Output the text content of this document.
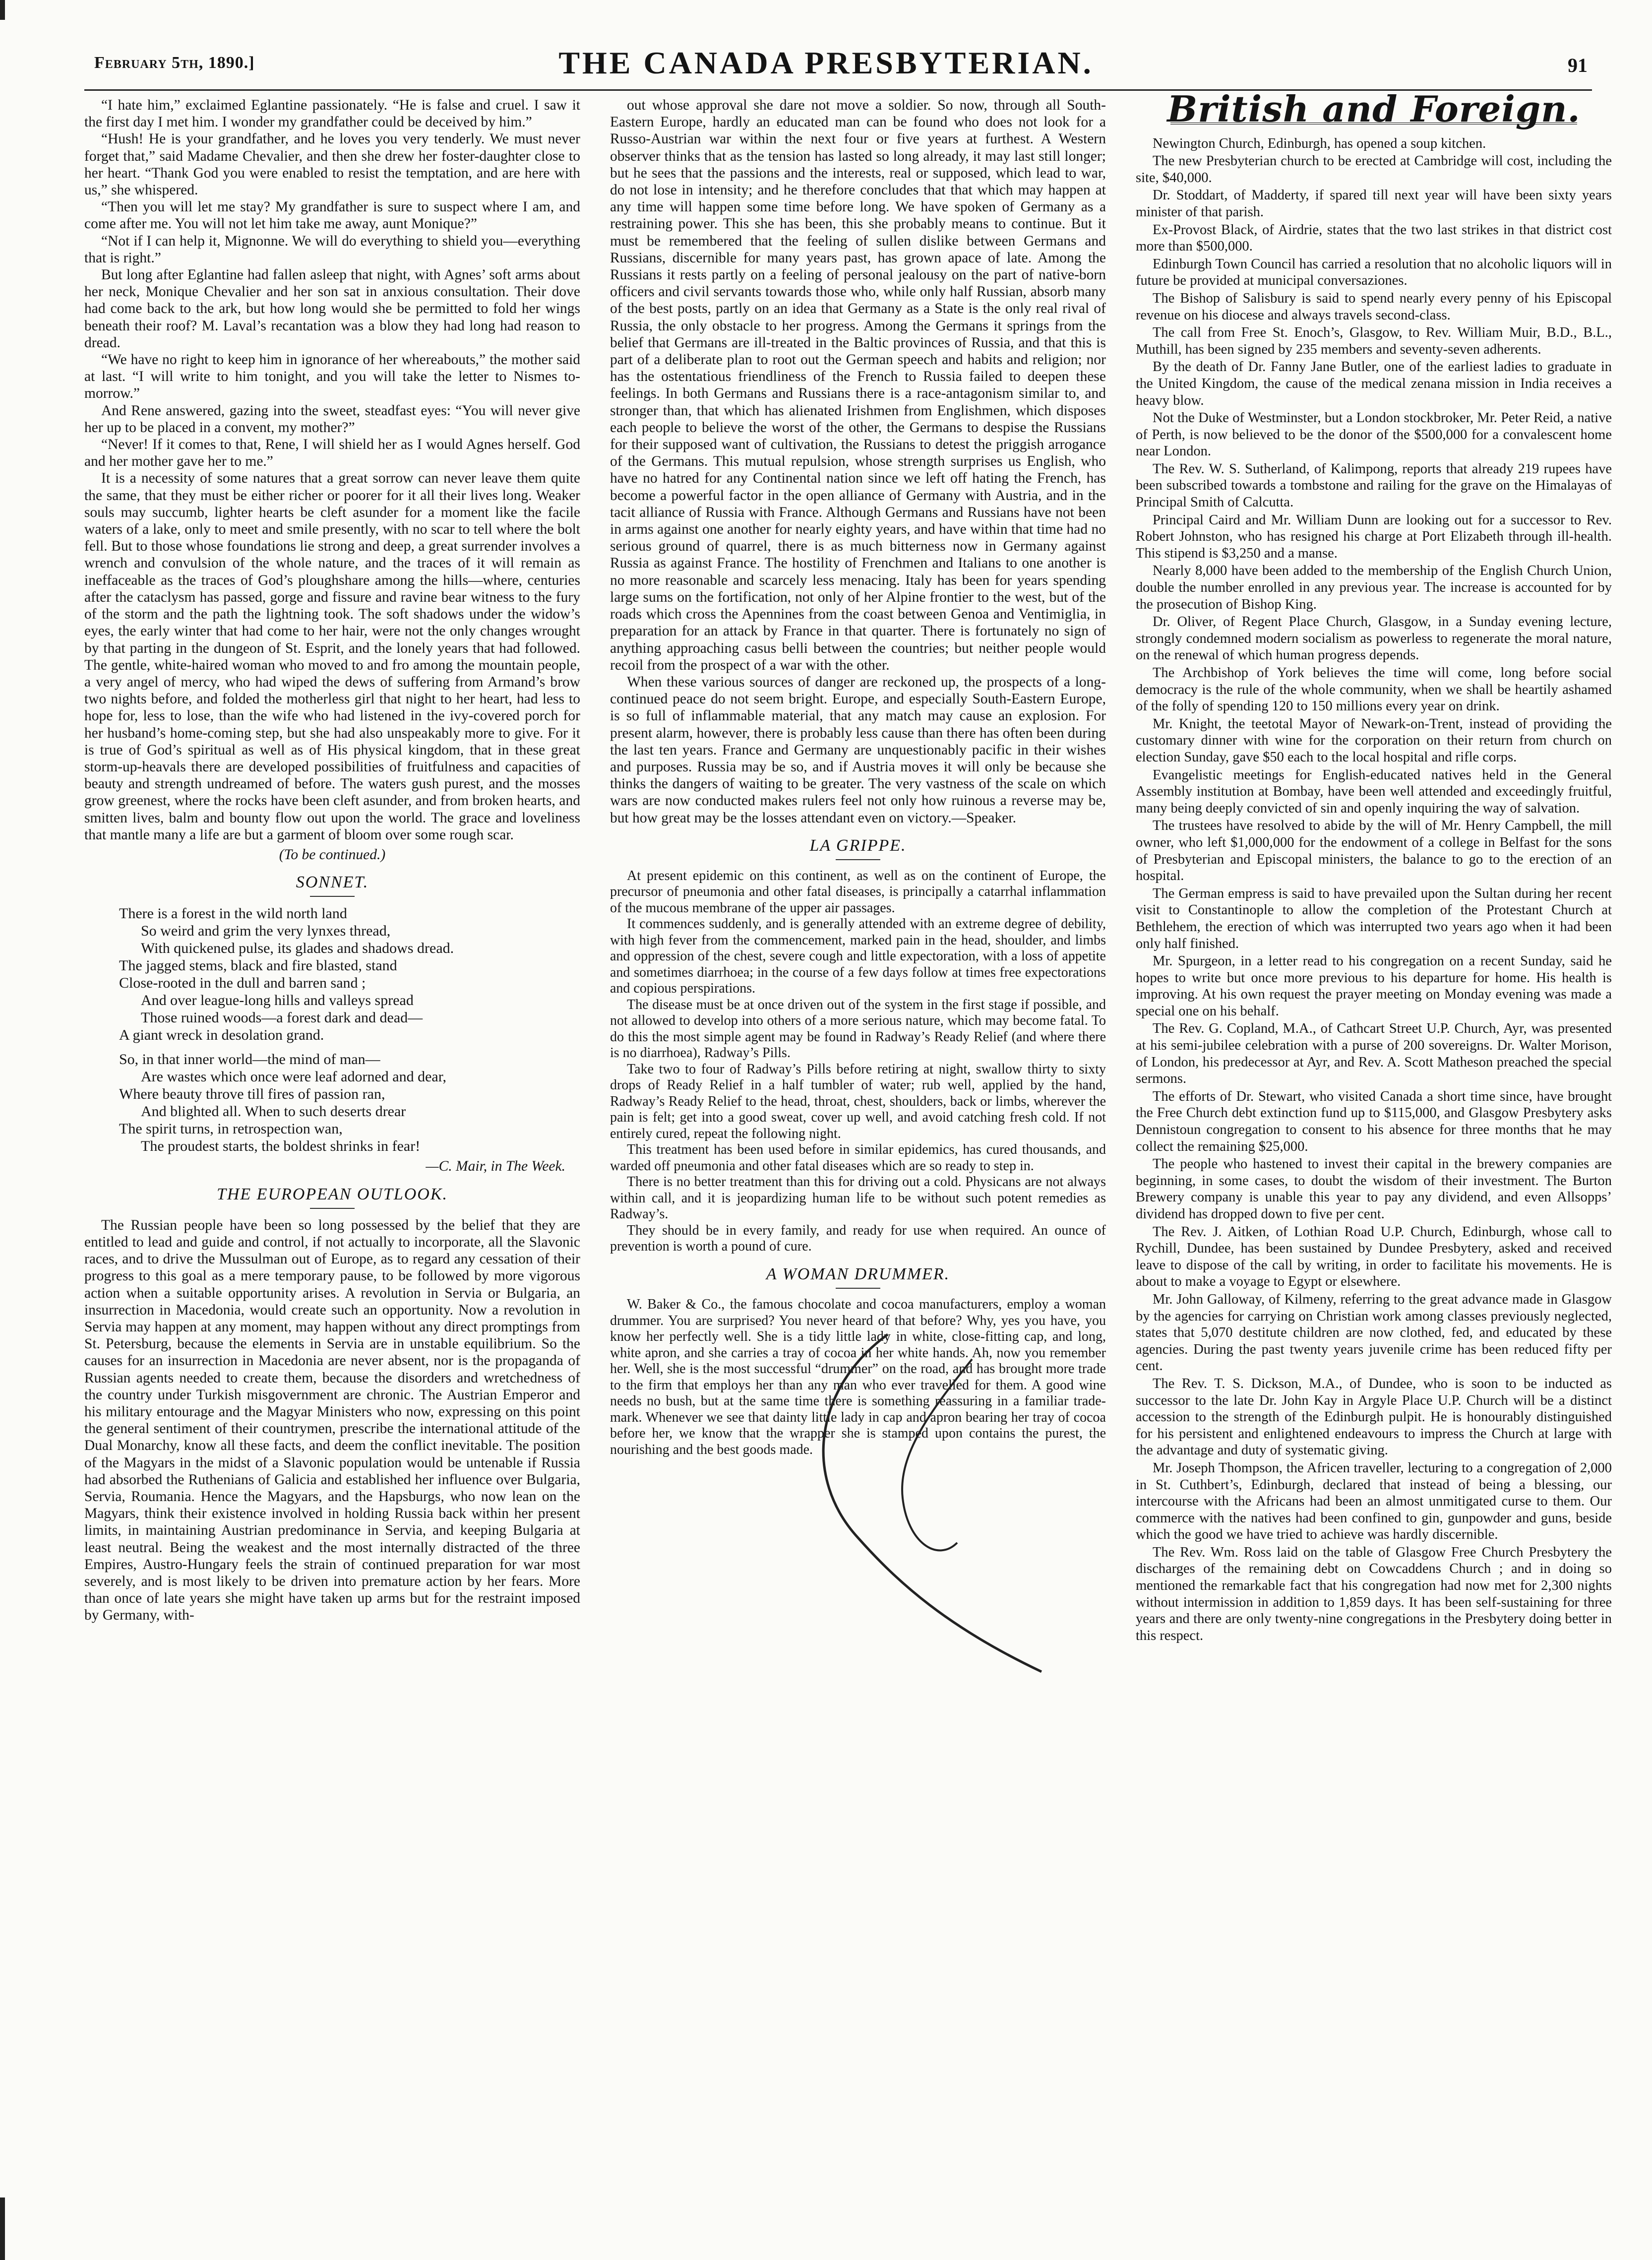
February 5th, 1890.]	THE CANADA PRESBYTERIAN.	91

“I hate him,” exclaimed Eglantine passionately. “He is false and cruel. I saw it the first day I met him. I wonder my grandfather could be deceived by him.”

“Hush! He is your grandfather, and he loves you very tenderly. We must never forget that,” said Madame Chevalier, and then she drew her foster-daughter close to her heart. “Thank God you were enabled to resist the temptation, and are here with us,” she whispered.

“Then you will let me stay? My grandfather is sure to suspect where I am, and come after me. You will not let him take me away, aunt Monique?”

“Not if I can help it, Mignonne. We will do everything to shield you—everything that is right.”

But long after Eglantine had fallen asleep that night, with Agnes’ soft arms about her neck, Monique Chevalier and her son sat in anxious consultation. Their dove had come back to the ark, but how long would she be permitted to fold her wings beneath their roof? M. Laval’s recantation was a blow they had long had reason to dread.

“We have no right to keep him in ignorance of her whereabouts,” the mother said at last. “I will write to him tonight, and you will take the letter to Nismes to-morrow.”

And Rene answered, gazing into the sweet, steadfast eyes: “You will never give her up to be placed in a convent, my mother?”

“Never! If it comes to that, Rene, I will shield her as I would Agnes herself. God and her mother gave her to me.”

It is a necessity of some natures that a great sorrow can never leave them quite the same, that they must be either richer or poorer for it all their lives long. Weaker souls may succumb, lighter hearts be cleft asunder for a moment like the facile waters of a lake, only to meet and smile presently, with no scar to tell where the bolt fell. But to those whose foundations lie strong and deep, a great surrender involves a wrench and convulsion of the whole nature, and the traces of it will remain as ineffaceable as the traces of God’s ploughshare among the hills—where, centuries after the cataclysm has passed, gorge and fissure and ravine bear witness to the fury of the storm and the path the lightning took. The soft shadows under the widow’s eyes, the early winter that had come to her hair, were not the only changes wrought by that parting in the dungeon of St. Esprit, and the lonely years that had followed. The gentle, white-haired woman who moved to and fro among the mountain people, a very angel of mercy, who had wiped the dews of suffering from Armand’s brow two nights before, and folded the motherless girl that night to her heart, had less to hope for, less to lose, than the wife who had listened in the ivy-covered porch for her husband’s home-coming step, but she had also unspeakably more to give. For it is true of God’s spiritual as well as of His physical kingdom, that in these great storm-up-heavals there are developed possibilities of fruitfulness and capacities of beauty and strength undreamed of before. The waters gush purest, and the mosses grow greenest, where the rocks have been cleft asunder, and from broken hearts, and smitten lives, balm and bounty flow out upon the world. The grace and loveliness that mantle many a life are but a garment of bloom over some rough scar.

(To be continued.)
SONNET.
There is a forest in the wild north land
So weird and grim the very lynxes thread,
With quickened pulse, its glades and shadows dread.
The jagged stems, black and fire blasted, stand
Close-rooted in the dull and barren sand ;
And over league-long hills and valleys spread
Those ruined woods—a forest dark and dead—
A giant wreck in desolation grand.
So, in that inner world—the mind of man—
Are wastes which once were leaf adorned and dear,
Where beauty throve till fires of passion ran,
And blighted all. When to such deserts drear
The spirit turns, in retrospection wan,
The proudest starts, the boldest shrinks in fear!
—C. Mair, in The Week.
THE EUROPEAN OUTLOOK.

The Russian people have been so long possessed by the belief that they are entitled to lead and guide and control, if not actually to incorporate, all the Slavonic races, and to drive the Mussulman out of Europe, as to regard any cessation of their progress to this goal as a mere temporary pause, to be followed by more vigorous action when a suitable opportunity arises. A revolution in Servia or Bulgaria, an insurrection in Macedonia, would create such an opportunity. Now a revolution in Servia may happen at any moment, may happen without any direct promptings from St. Petersburg, because the elements in Servia are in unstable equilibrium. So the causes for an insurrection in Macedonia are never absent, nor is the propaganda of Russian agents needed to create them, because the disorders and wretchedness of the country under Turkish misgovernment are chronic. The Austrian Emperor and his military entourage and the Magyar Ministers who now, expressing on this point the general sentiment of their countrymen, prescribe the international attitude of the Dual Monarchy, know all these facts, and deem the conflict inevitable. The position of the Magyars in the midst of a Slavonic population would be untenable if Russia had absorbed the Ruthenians of Galicia and established her influence over Bulgaria, Servia, Roumania. Hence the Magyars, and the Hapsburgs, who now lean on the Magyars, think their existence involved in holding Russia back within her present limits, in maintaining Austrian predominance in Servia, and keeping Bulgaria at least neutral. Being the weakest and the most internally distracted of the three Empires, Austro-Hungary feels the strain of continued preparation for war most severely, and is most likely to be driven into premature action by her fears. More than once of late years she might have taken up arms but for the restraint imposed by Germany, with-

out whose approval she dare not move a soldier. So now, through all South-Eastern Europe, hardly an educated man can be found who does not look for a Russo-Austrian war within the next four or five years at furthest. A Western observer thinks that as the tension has lasted so long already, it may last still longer; but he sees that the passions and the interests, real or supposed, which lead to war, do not lose in intensity; and he therefore concludes that that which may happen at any time will happen some time before long. We have spoken of Germany as a restraining power. This she has been, this she probably means to continue. But it must be remembered that the feeling of sullen dislike between Germans and Russians, discernible for many years past, has grown apace of late. Among the Russians it rests partly on a feeling of personal jealousy on the part of native-born officers and civil servants towards those who, while only half Russian, absorb many of the best posts, partly on an idea that Germany as a State is the only real rival of Russia, the only obstacle to her progress. Among the Germans it springs from the belief that Germans are ill-treated in the Baltic provinces of Russia, and that this is part of a deliberate plan to root out the German speech and habits and religion; nor has the ostentatious friendliness of the French to Russia failed to deepen these feelings. In both Germans and Russians there is a race-antagonism similar to, and stronger than, that which has alienated Irishmen from Englishmen, which disposes each people to believe the worst of the other, the Germans to despise the Russians for their supposed want of cultivation, the Russians to detest the priggish arrogance of the Germans. This mutual repulsion, whose strength surprises us English, who have no hatred for any Continental nation since we left off hating the French, has become a powerful factor in the open alliance of Germany with Austria, and in the tacit alliance of Russia with France. Although Germans and Russians have not been in arms against one another for nearly eighty years, and have within that time had no serious ground of quarrel, there is as much bitterness now in Germany against Russia as against France. The hostility of Frenchmen and Italians to one another is no more reasonable and scarcely less menacing. Italy has been for years spending large sums on the fortification, not only of her Alpine frontier to the west, but of the roads which cross the Apennines from the coast between Genoa and Ventimiglia, in preparation for an attack by France in that quarter. There is fortunately no sign of anything approaching casus belli between the countries; but neither people would recoil from the prospect of a war with the other.

When these various sources of danger are reckoned up, the prospects of a long-continued peace do not seem bright. Europe, and especially South-Eastern Europe, is so full of inflammable material, that any match may cause an explosion. For present alarm, however, there is probably less cause than there has often been during the last ten years. France and Germany are unquestionably pacific in their wishes and purposes. Russia may be so, and if Austria moves it will only be because she thinks the dangers of waiting to be greater. The very vastness of the scale on which wars are now conducted makes rulers feel not only how ruinous a reverse may be, but how great may be the losses attendant even on victory.—Speaker.

LA GRIPPE.

At present epidemic on this continent, as well as on the continent of Europe, the precursor of pneumonia and other fatal diseases, is principally a catarrhal inflammation of the mucous membrane of the upper air passages.

It commences suddenly, and is generally attended with an extreme degree of debility, with high fever from the commencement, marked pain in the head, shoulder, and limbs and oppression of the chest, severe cough and little expectoration, with a loss of appetite and sometimes diarrhoea; in the course of a few days follow at times free expectorations and copious perspirations.

The disease must be at once driven out of the system in the first stage if possible, and not allowed to develop into others of a more serious nature, which may become fatal. To do this the most simple agent may be found in Radway’s Ready Relief (and where there is no diarrhoea), Radway’s Pills.

Take two to four of Radway’s Pills before retiring at night, swallow thirty to sixty drops of Ready Relief in a half tumbler of water; rub well, applied by the hand, Radway’s Ready Relief to the head, throat, chest, shoulders, back or limbs, wherever the pain is felt; get into a good sweat, cover up well, and avoid catching fresh cold. If not entirely cured, repeat the following night.

This treatment has been used before in similar epidemics, has cured thousands, and warded off pneumonia and other fatal diseases which are so ready to step in.

There is no better treatment than this for driving out a cold. Physicans are not always within call, and it is jeopardizing human life to be without such potent remedies as Radway’s.

They should be in every family, and ready for use when required. An ounce of prevention is worth a pound of cure.

A WOMAN DRUMMER.

W. Baker & Co., the famous chocolate and cocoa manufacturers, employ a woman drummer. You are surprised? You never heard of that before? Why, yes you have, you know her perfectly well. She is a tidy little lady in white, close-fitting cap, and long, white apron, and she carries a tray of cocoa in her white hands. Ah, now you remember her. Well, she is the most successful “drummer” on the road, and has brought more trade to the firm that employs her than any man who ever travelled for them. A good wine needs no bush, but at the same time there is something reassuring in a familiar trade-mark. Whenever we see that dainty little lady in cap and apron bearing her tray of cocoa before her, we know that the wrapper she is stamped upon contains the purest, the nourishing and the best goods made.

British and Foreign.

Newington Church, Edinburgh, has opened a soup kitchen.

The new Presbyterian church to be erected at Cambridge will cost, including the site, $40,000.

Dr. Stoddart, of Madderty, if spared till next year will have been sixty years minister of that parish.

Ex-Provost Black, of Airdrie, states that the two last strikes in that district cost more than $500,000.

Edinburgh Town Council has carried a resolution that no alcoholic liquors will in future be provided at municipal conversaziones.

The Bishop of Salisbury is said to spend nearly every penny of his Episcopal revenue on his diocese and always travels second-class.

The call from Free St. Enoch’s, Glasgow, to Rev. William Muir, B.D., B.L., Muthill, has been signed by 235 members and seventy-seven adherents.

By the death of Dr. Fanny Jane Butler, one of the earliest ladies to graduate in the United Kingdom, the cause of the medical zenana mission in India receives a heavy blow.

Not the Duke of Westminster, but a London stockbroker, Mr. Peter Reid, a native of Perth, is now believed to be the donor of the $500,000 for a convalescent home near London.

The Rev. W. S. Sutherland, of Kalimpong, reports that already 219 rupees have been subscribed towards a tombstone and railing for the grave on the Himalayas of Principal Smith of Calcutta.

Principal Caird and Mr. William Dunn are looking out for a successor to Rev. Robert Johnston, who has resigned his charge at Port Elizabeth through ill-health. This stipend is $3,250 and a manse.

Nearly 8,000 have been added to the membership of the English Church Union, double the number enrolled in any previous year. The increase is accounted for by the prosecution of Bishop King.

Dr. Oliver, of Regent Place Church, Glasgow, in a Sunday evening lecture, strongly condemned modern socialism as powerless to regenerate the moral nature, on the renewal of which human progress depends.

The Archbishop of York believes the time will come, long before social democracy is the rule of the whole community, when we shall be heartily ashamed of the folly of spending 120 to 150 millions every year on drink.

Mr. Knight, the teetotal Mayor of Newark-on-Trent, instead of providing the customary dinner with wine for the corporation on their return from church on election Sunday, gave $50 each to the local hospital and rifle corps.

Evangelistic meetings for English-educated natives held in the General Assembly institution at Bombay, have been well attended and exceedingly fruitful, many being deeply convicted of sin and openly inquiring the way of salvation.

The trustees have resolved to abide by the will of Mr. Henry Campbell, the mill owner, who left $1,000,000 for the endowment of a college in Belfast for the sons of Presbyterian and Episcopal ministers, the balance to go to the erection of an hospital.

The German empress is said to have prevailed upon the Sultan during her recent visit to Constantinople to allow the completion of the Protestant Church at Bethlehem, the erection of which was interrupted two years ago when it had been only half finished.

Mr. Spurgeon, in a letter read to his congregation on a recent Sunday, said he hopes to write but once more previous to his departure for home. His health is improving. At his own request the prayer meeting on Monday evening was made a special one on his behalf.

The Rev. G. Copland, M.A., of Cathcart Street U.P. Church, Ayr, was presented at his semi-jubilee celebration with a purse of 200 sovereigns. Dr. Walter Morison, of London, his predecessor at Ayr, and Rev. A. Scott Matheson preached the special sermons.

The efforts of Dr. Stewart, who visited Canada a short time since, have brought the Free Church debt extinction fund up to $115,000, and Glasgow Presbytery asks Dennistoun congregation to consent to his absence for three months that he may collect the remaining $25,000.

The people who hastened to invest their capital in the brewery companies are beginning, in some cases, to doubt the wisdom of their investment. The Burton Brewery company is unable this year to pay any dividend, and even Allsopps’ dividend has dropped down to five per cent.

The Rev. J. Aitken, of Lothian Road U.P. Church, Edinburgh, whose call to Rychill, Dundee, has been sustained by Dundee Presbytery, asked and received leave to dispose of the call by writing, in order to facilitate his movements. He is about to make a voyage to Egypt or elsewhere.

Mr. John Galloway, of Kilmeny, referring to the great advance made in Glasgow by the agencies for carrying on Christian work among classes previously neglected, states that 5,070 destitute children are now clothed, fed, and educated by these agencies. During the past twenty years juvenile crime has been reduced fifty per cent.

The Rev. T. S. Dickson, M.A., of Dundee, who is soon to be inducted as successor to the late Dr. John Kay in Argyle Place U.P. Church will be a distinct accession to the strength of the Edinburgh pulpit. He is honourably distinguished for his persistent and enlightened endeavours to impress the Church at large with the advantage and duty of systematic giving.

Mr. Joseph Thompson, the Africen traveller, lecturing to a congregation of 2,000 in St. Cuthbert’s, Edinburgh, declared that instead of being a blessing, our intercourse with the Africans had been an almost unmitigated curse to them. Our commerce with the natives had been confined to gin, gunpowder and guns, beside which the good we have tried to achieve was hardly discernible.

The Rev. Wm. Ross laid on the table of Glasgow Free Church Presbytery the discharges of the remaining debt on Cowcaddens Church ; and in doing so mentioned the remarkable fact that his congregation had now met for 2,300 nights without intermission in addition to 1,859 days. It has been self-sustaining for three years and there are only twenty-nine congregations in the Presbytery doing better in this respect.
